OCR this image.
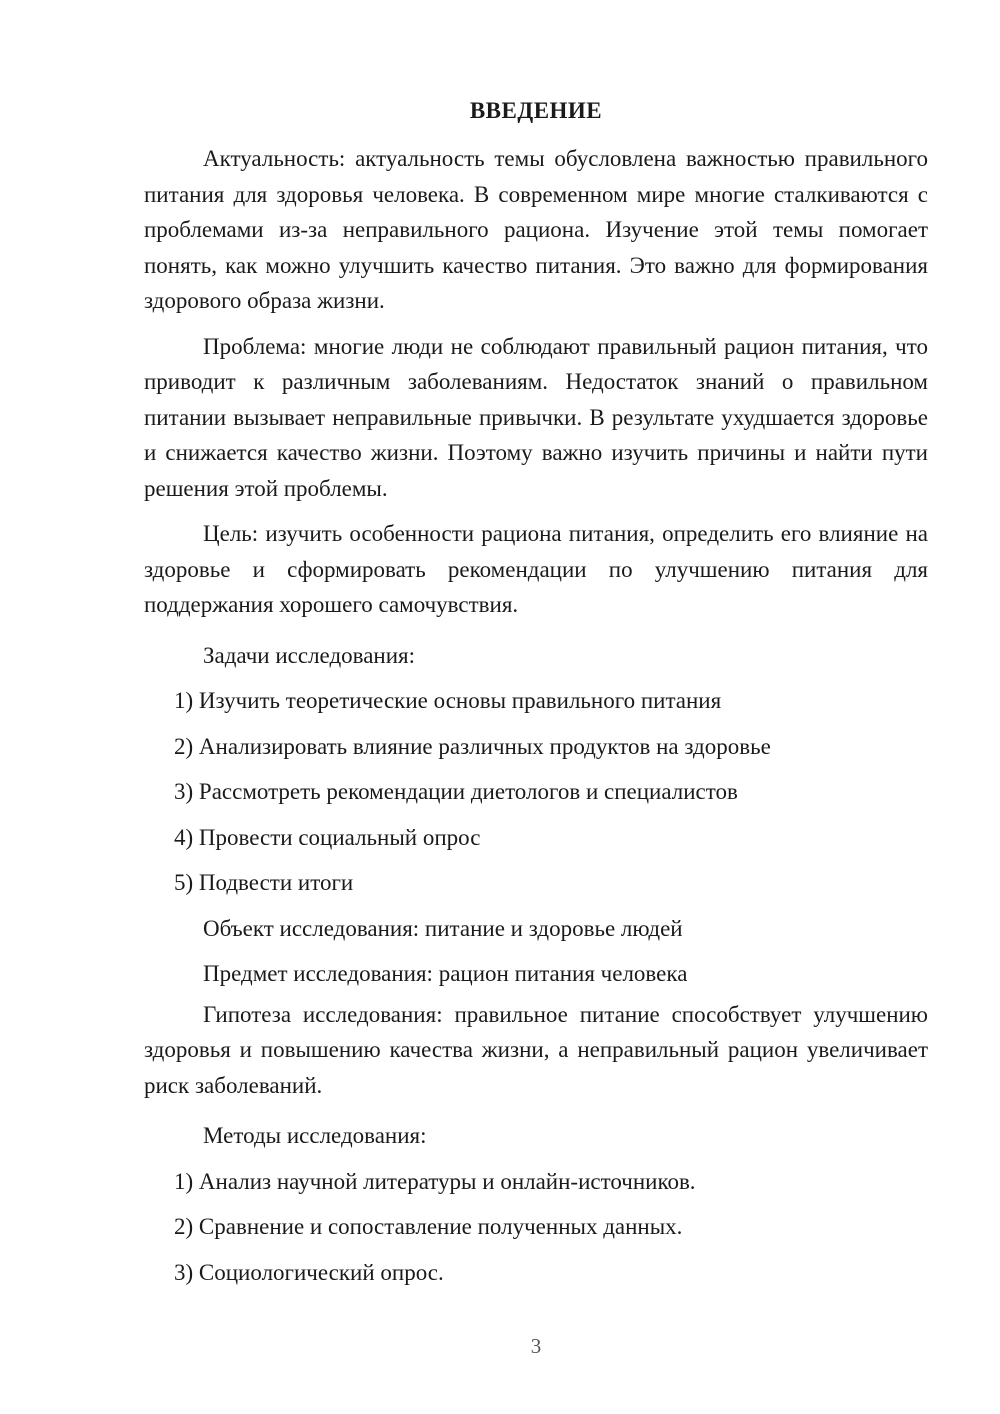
ВВЕДЕНИЕ

Актуальность: актуальность темы обусловлена важностью правильного питания для здоровья человека. В современном мире многие сталкиваются с проблемами из-за неправильного рациона. Изучение этой темы помогает понять, как можно улучшить качество питания. Это важно для формирования здорового образа жизни.

Проблема: многие люди не соблюдают правильный рацион питания, что приводит к различным заболеваниям. Недостаток знаний о правильном питании вызывает неправильные привычки. В результате ухудшается здоровье и снижается качество жизни. Поэтому важно изучить причины и найти пути решения этой проблемы.

Цель: изучить особенности рациона питания, определить его влияние на здоровье и сформировать рекомендации по улучшению питания для поддержания хорошего самочувствия.

Задачи исследования:

1) Изучить теоретические основы правильного питания

2) Анализировать влияние различных продуктов на здоровье

3) Рассмотреть рекомендации диетологов и специалистов

4) Провести социальный опрос

5) Подвести итоги

Объект исследования: питание и здоровье людей

Предмет исследования: рацион питания человека

Гипотеза исследования: правильное питание способствует улучшению здоровья и повышению качества жизни, а неправильный рацион увеличивает риск заболеваний.

Методы исследования:

1) Анализ научной литературы и онлайн-источников.

2) Сравнение и сопоставление полученных данных.

3) Социологический опрос.

3
